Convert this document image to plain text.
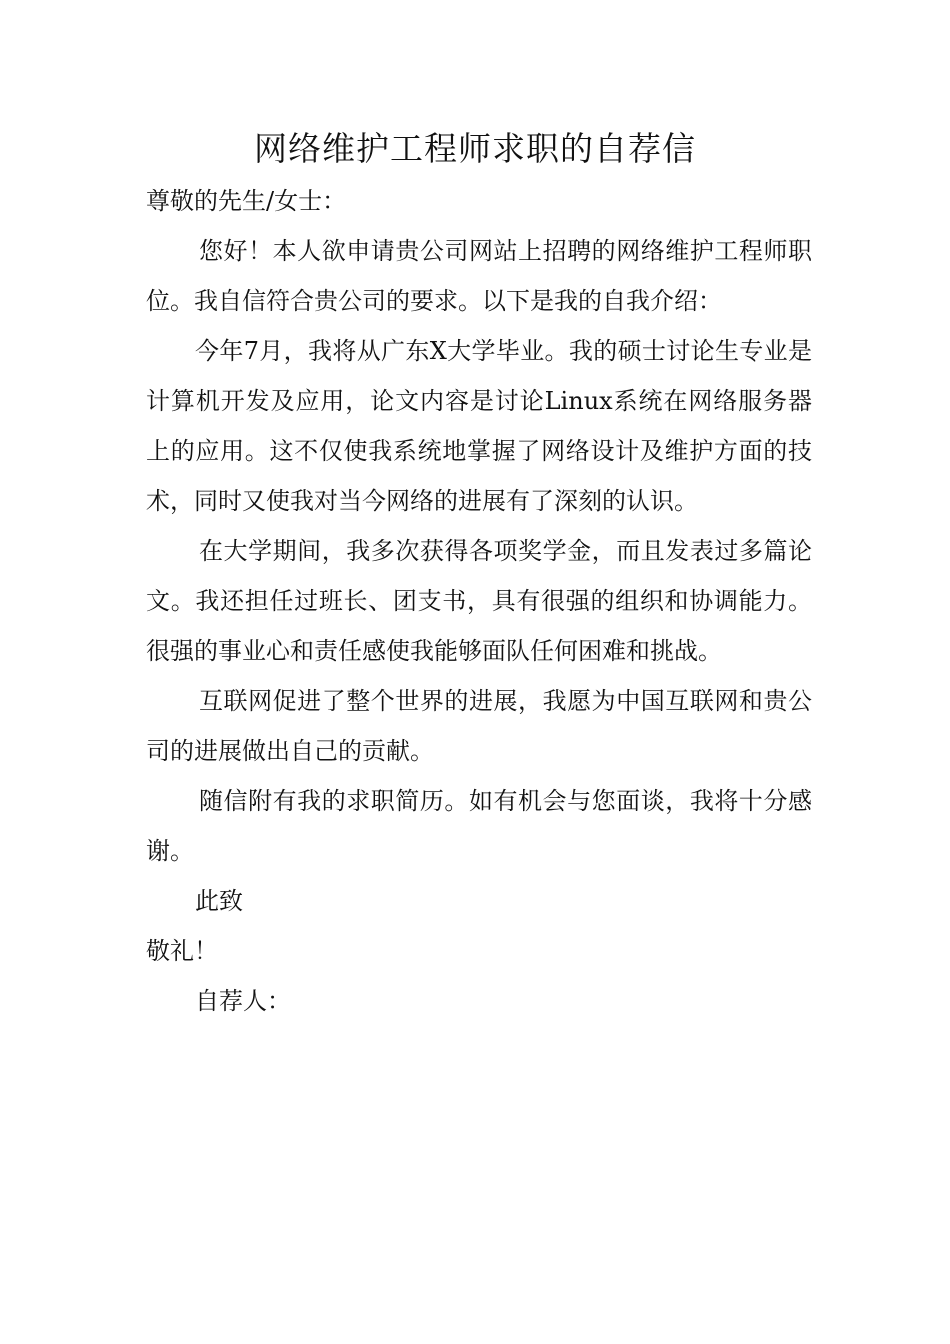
网络维护工程师求职的自荐信

尊敬的先生/女士：

您好！本人欲申请贵公司网站上招聘的网络维护工程师职位。我自信符合贵公司的要求。以下是我的自我介绍：

今年7月，我将从广东X大学毕业。我的硕士讨论生专业是计算机开发及应用，论文内容是讨论Linux系统在网络服务器上的应用。这不仅使我系统地掌握了网络设计及维护方面的技术，同时又使我对当今网络的进展有了深刻的认识。

在大学期间，我多次获得各项奖学金，而且发表过多篇论文。我还担任过班长、团支书，具有很强的组织和协调能力。很强的事业心和责任感使我能够面队任何困难和挑战。

互联网促进了整个世界的进展，我愿为中国互联网和贵公司的进展做出自己的贡献。

随信附有我的求职简历。如有机会与您面谈，我将十分感谢。

此致

敬礼！

自荐人：
